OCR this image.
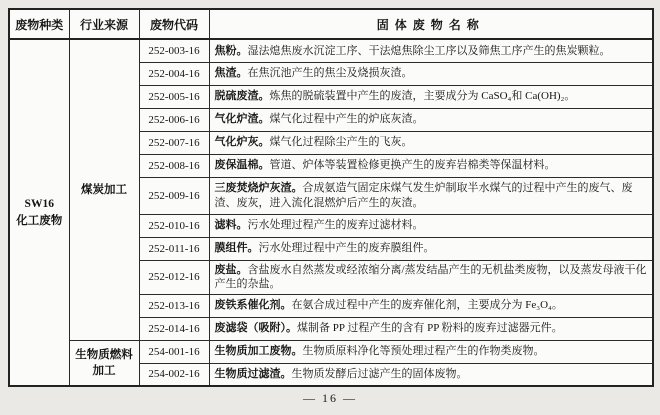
废物种类	行业来源	废物代码	固体废物名称

SW16
化工废物	煤炭加工	252-003-16	焦粉。湿法熄焦废水沉淀工序、干法熄焦除尘工序以及筛焦工序产生的焦炭颗粒。
		252-004-16	焦渣。在焦沉池产生的焦尘及烧损灰渣。
		252-005-16	脱硫废渣。炼焦的脱硫装置中产生的废渣，主要成分为 CaSO₄和 Ca(OH)₂。
		252-006-16	气化炉渣。煤气化过程中产生的炉底灰渣。
		252-007-16	气化炉灰。煤气化过程除尘产生的飞灰。
		252-008-16	废保温棉。管道、炉体等装置检修更换产生的废弃岩棉类等保温材料。
		252-009-16	三废焚烧炉灰渣。合成氨造气固定床煤气发生炉制取半水煤气的过程中产生的废气、废渣、废灰，进入流化混燃炉后产生的灰渣。
		252-010-16	滤料。污水处理过程产生的废弃过滤材料。
		252-011-16	膜组件。污水处理过程中产生的废弃膜组件。
		252-012-16	废盐。含盐废水自然蒸发或经浓缩分离/蒸发结晶产生的无机盐类废物，以及蒸发母液干化产生的杂盐。
		252-013-16	废铁系催化剂。在氨合成过程中产生的废弃催化剂，主要成分为 Fe₃O₄。
		252-014-16	废滤袋（吸附）。煤制备 PP 过程产生的含有 PP 粉料的废弃过滤器元件。
	生物质燃料加工	254-001-16	生物质加工废物。生物质原料净化等预处理过程产生的作物类废物。
		254-002-16	生物质过滤渣。生物质发酵后过滤产生的固体废物。
— 16 —
